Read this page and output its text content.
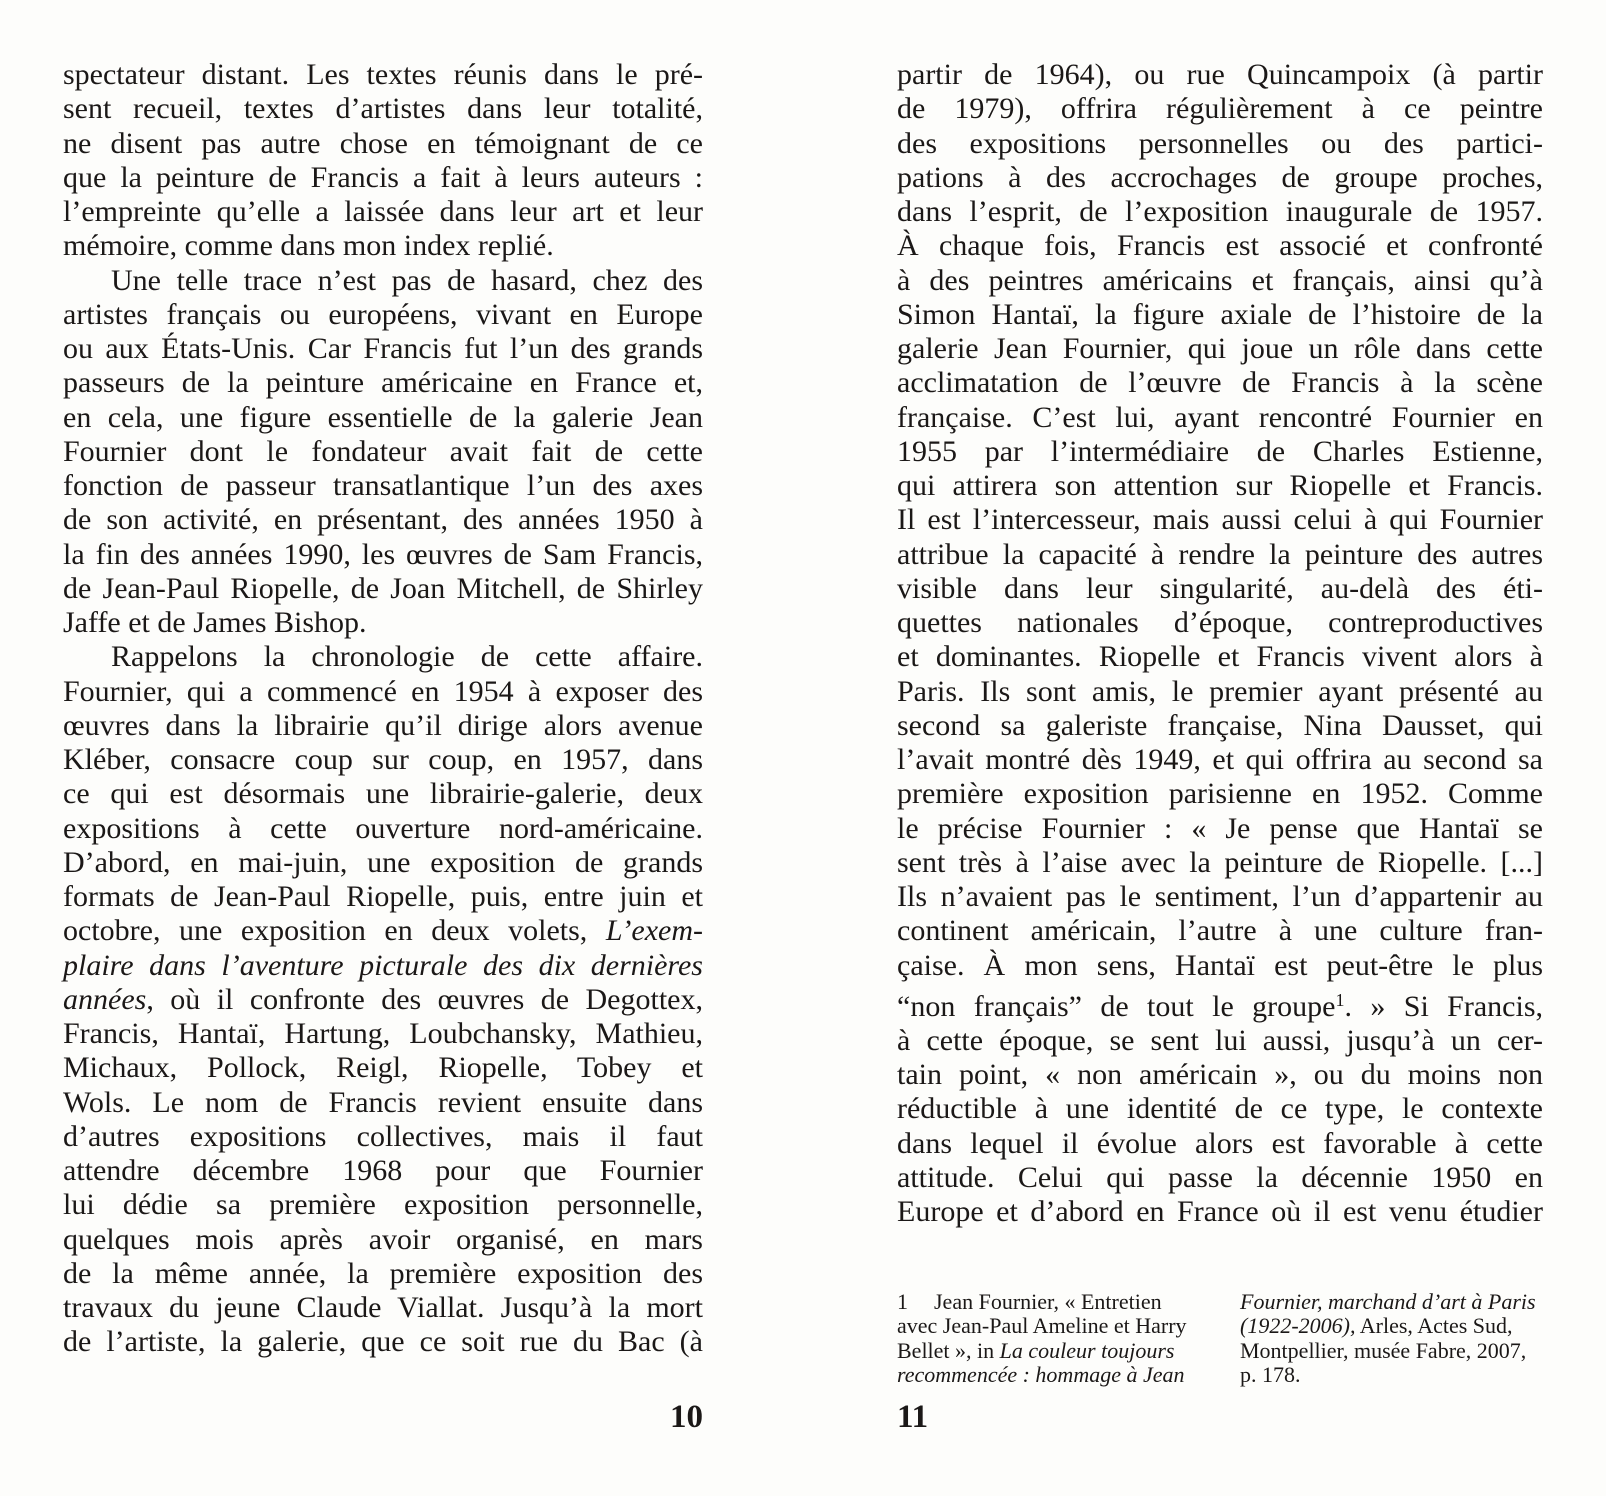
spectateur distant. Les textes réunis dans le pré-
sent recueil, textes d’artistes dans leur totalité,
ne disent pas autre chose en témoignant de ce
que la peinture de Francis a fait à leurs auteurs :
l’empreinte qu’elle a laissée dans leur art et leur
mémoire, comme dans mon index replié.
Une telle trace n’est pas de hasard, chez des
artistes français ou européens, vivant en Europe
ou aux États-Unis. Car Francis fut l’un des grands
passeurs de la peinture américaine en France et,
en cela, une figure essentielle de la galerie Jean
Fournier dont le fondateur avait fait de cette
fonction de passeur transatlantique l’un des axes
de son activité, en présentant, des années 1950 à
la fin des années 1990, les œuvres de Sam Francis,
de Jean-Paul Riopelle, de Joan Mitchell, de Shirley
Jaffe et de James Bishop.
Rappelons la chronologie de cette affaire.
Fournier, qui a commencé en 1954 à exposer des
œuvres dans la librairie qu’il dirige alors avenue
Kléber, consacre coup sur coup, en 1957, dans
ce qui est désormais une librairie-galerie, deux
expositions à cette ouverture nord-américaine.
D’abord, en mai-juin, une exposition de grands
formats de Jean-Paul Riopelle, puis, entre juin et
octobre, une exposition en deux volets, L’exem-
plaire dans l’aventure picturale des dix dernières
années, où il confronte des œuvres de Degottex,
Francis, Hantaï, Hartung, Loubchansky, Mathieu,
Michaux, Pollock, Reigl, Riopelle, Tobey et
Wols. Le nom de Francis revient ensuite dans
d’autres expositions collectives, mais il faut
attendre décembre 1968 pour que Fournier
lui dédie sa première exposition personnelle,
quelques mois après avoir organisé, en mars
de la même année, la première exposition des
travaux du jeune Claude Viallat. Jusqu’à la mort
de l’artiste, la galerie, que ce soit rue du Bac (à
partir de 1964), ou rue Quincampoix (à partir
de 1979), offrira régulièrement à ce peintre
des expositions personnelles ou des partici-
pations à des accrochages de groupe proches,
dans l’esprit, de l’exposition inaugurale de 1957.
À chaque fois, Francis est associé et confronté
à des peintres américains et français, ainsi qu’à
Simon Hantaï, la figure axiale de l’histoire de la
galerie Jean Fournier, qui joue un rôle dans cette
acclimatation de l’œuvre de Francis à la scène
française. C’est lui, ayant rencontré Fournier en
1955 par l’intermédiaire de Charles Estienne,
qui attirera son attention sur Riopelle et Francis.
Il est l’intercesseur, mais aussi celui à qui Fournier
attribue la capacité à rendre la peinture des autres
visible dans leur singularité, au-delà des éti-
quettes nationales d’époque, contreproductives
et dominantes. Riopelle et Francis vivent alors à
Paris. Ils sont amis, le premier ayant présenté au
second sa galeriste française, Nina Dausset, qui
l’avait montré dès 1949, et qui offrira au second sa
première exposition parisienne en 1952. Comme
le précise Fournier : « Je pense que Hantaï se
sent très à l’aise avec la peinture de Riopelle. [...]
Ils n’avaient pas le sentiment, l’un d’appartenir au
continent américain, l’autre à une culture fran-
çaise. À mon sens, Hantaï est peut-être le plus
“non français” de tout le groupe$^1$. » Si Francis,
à cette époque, se sent lui aussi, jusqu’à un cer-
tain point, « non américain », ou du moins non
réductible à une identité de ce type, le contexte
dans lequel il évolue alors est favorable à cette
attitude. Celui qui passe la décennie 1950 en
Europe et d’abord en France où il est venu étudier
1 Jean Fournier, « Entretien
avec Jean-Paul Ameline et Harry
Bellet », in La couleur toujours
recommencée : hommage à Jean
Fournier, marchand d’art à Paris
(1922-2006), Arles, Actes Sud,
Montpellier, musée Fabre, 2007,
p. 178.
10	11
